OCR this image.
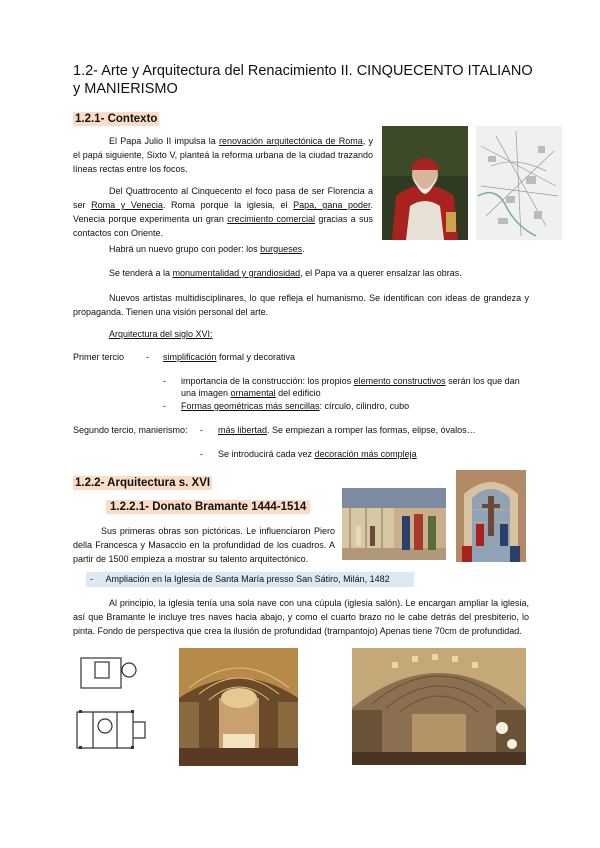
1.2- Arte y Arquitectura del Renacimiento II. CINQUECENTO ITALIANO y MANIERISMO
1.2.1- Contexto
El Papa Julio II impulsa la renovación arquitectónica de Roma, y el papá siguiente, Sixto V, planteá la reforma urbana de la ciudad trazando líneas rectas entre los focos.
Del Quattrocento al Cinquecento el foco pasa de ser Florencia a ser Roma y Venecia. Roma porque la iglesia, el Papa, gana poder. Venecia porque experimenta un gran crecimiento comercial gracias a sus contactos con Oriente.
Habrá un nuevo grupo con poder: los burgueses.
Se tenderá a la monumentalidad y grandiosidad, el Papa va a querer ensalzar las obras.
Nuevos artistas multidisciplinares, lo que refleja el humanismo. Se identifican con ideas de grandeza y propaganda. Tienen una visión personal del arte.
Arquitectura del siglo XVI:
Primer tercio - simplificación formal y decorativa
- importancia de la construcción: los propios elemento constructivos serán los que dan una imagen ornamental del edificio
- Formas geométricas más sencillas: círculo, cilindro, cubo
Segundo tercio, manierismo: - más libertad. Se empiezan a romper las formas, elipse, óvalos…
- Se introducirá cada vez decoración más compleja
1.2.2- Arquitectura s. XVI
1.2.2.1- Donato Bramante 1444-1514
Sus primeras obras son pictóricas. Le influenciaron Piero della Francesca y Masaccio en la profundidad de los cuadros. A partir de 1500 empieza a mostrar su talento arquitectónico.
- Ampliación en la Iglesia de Santa María presso San Sátiro, Milán, 1482
Al principio, la iglesia tenía una sola nave con una cúpula (iglesia salón). Le encargan ampliar la iglesia, así que Bramante le incluye tres naves hacia abajo, y como el cuarto brazo no le cabe detrás del presbiterio, lo pinta. Fondo de perspectiva que crea la ilusión de profundidad (trampantojo) Apenas tiene 70cm de profundidad.
